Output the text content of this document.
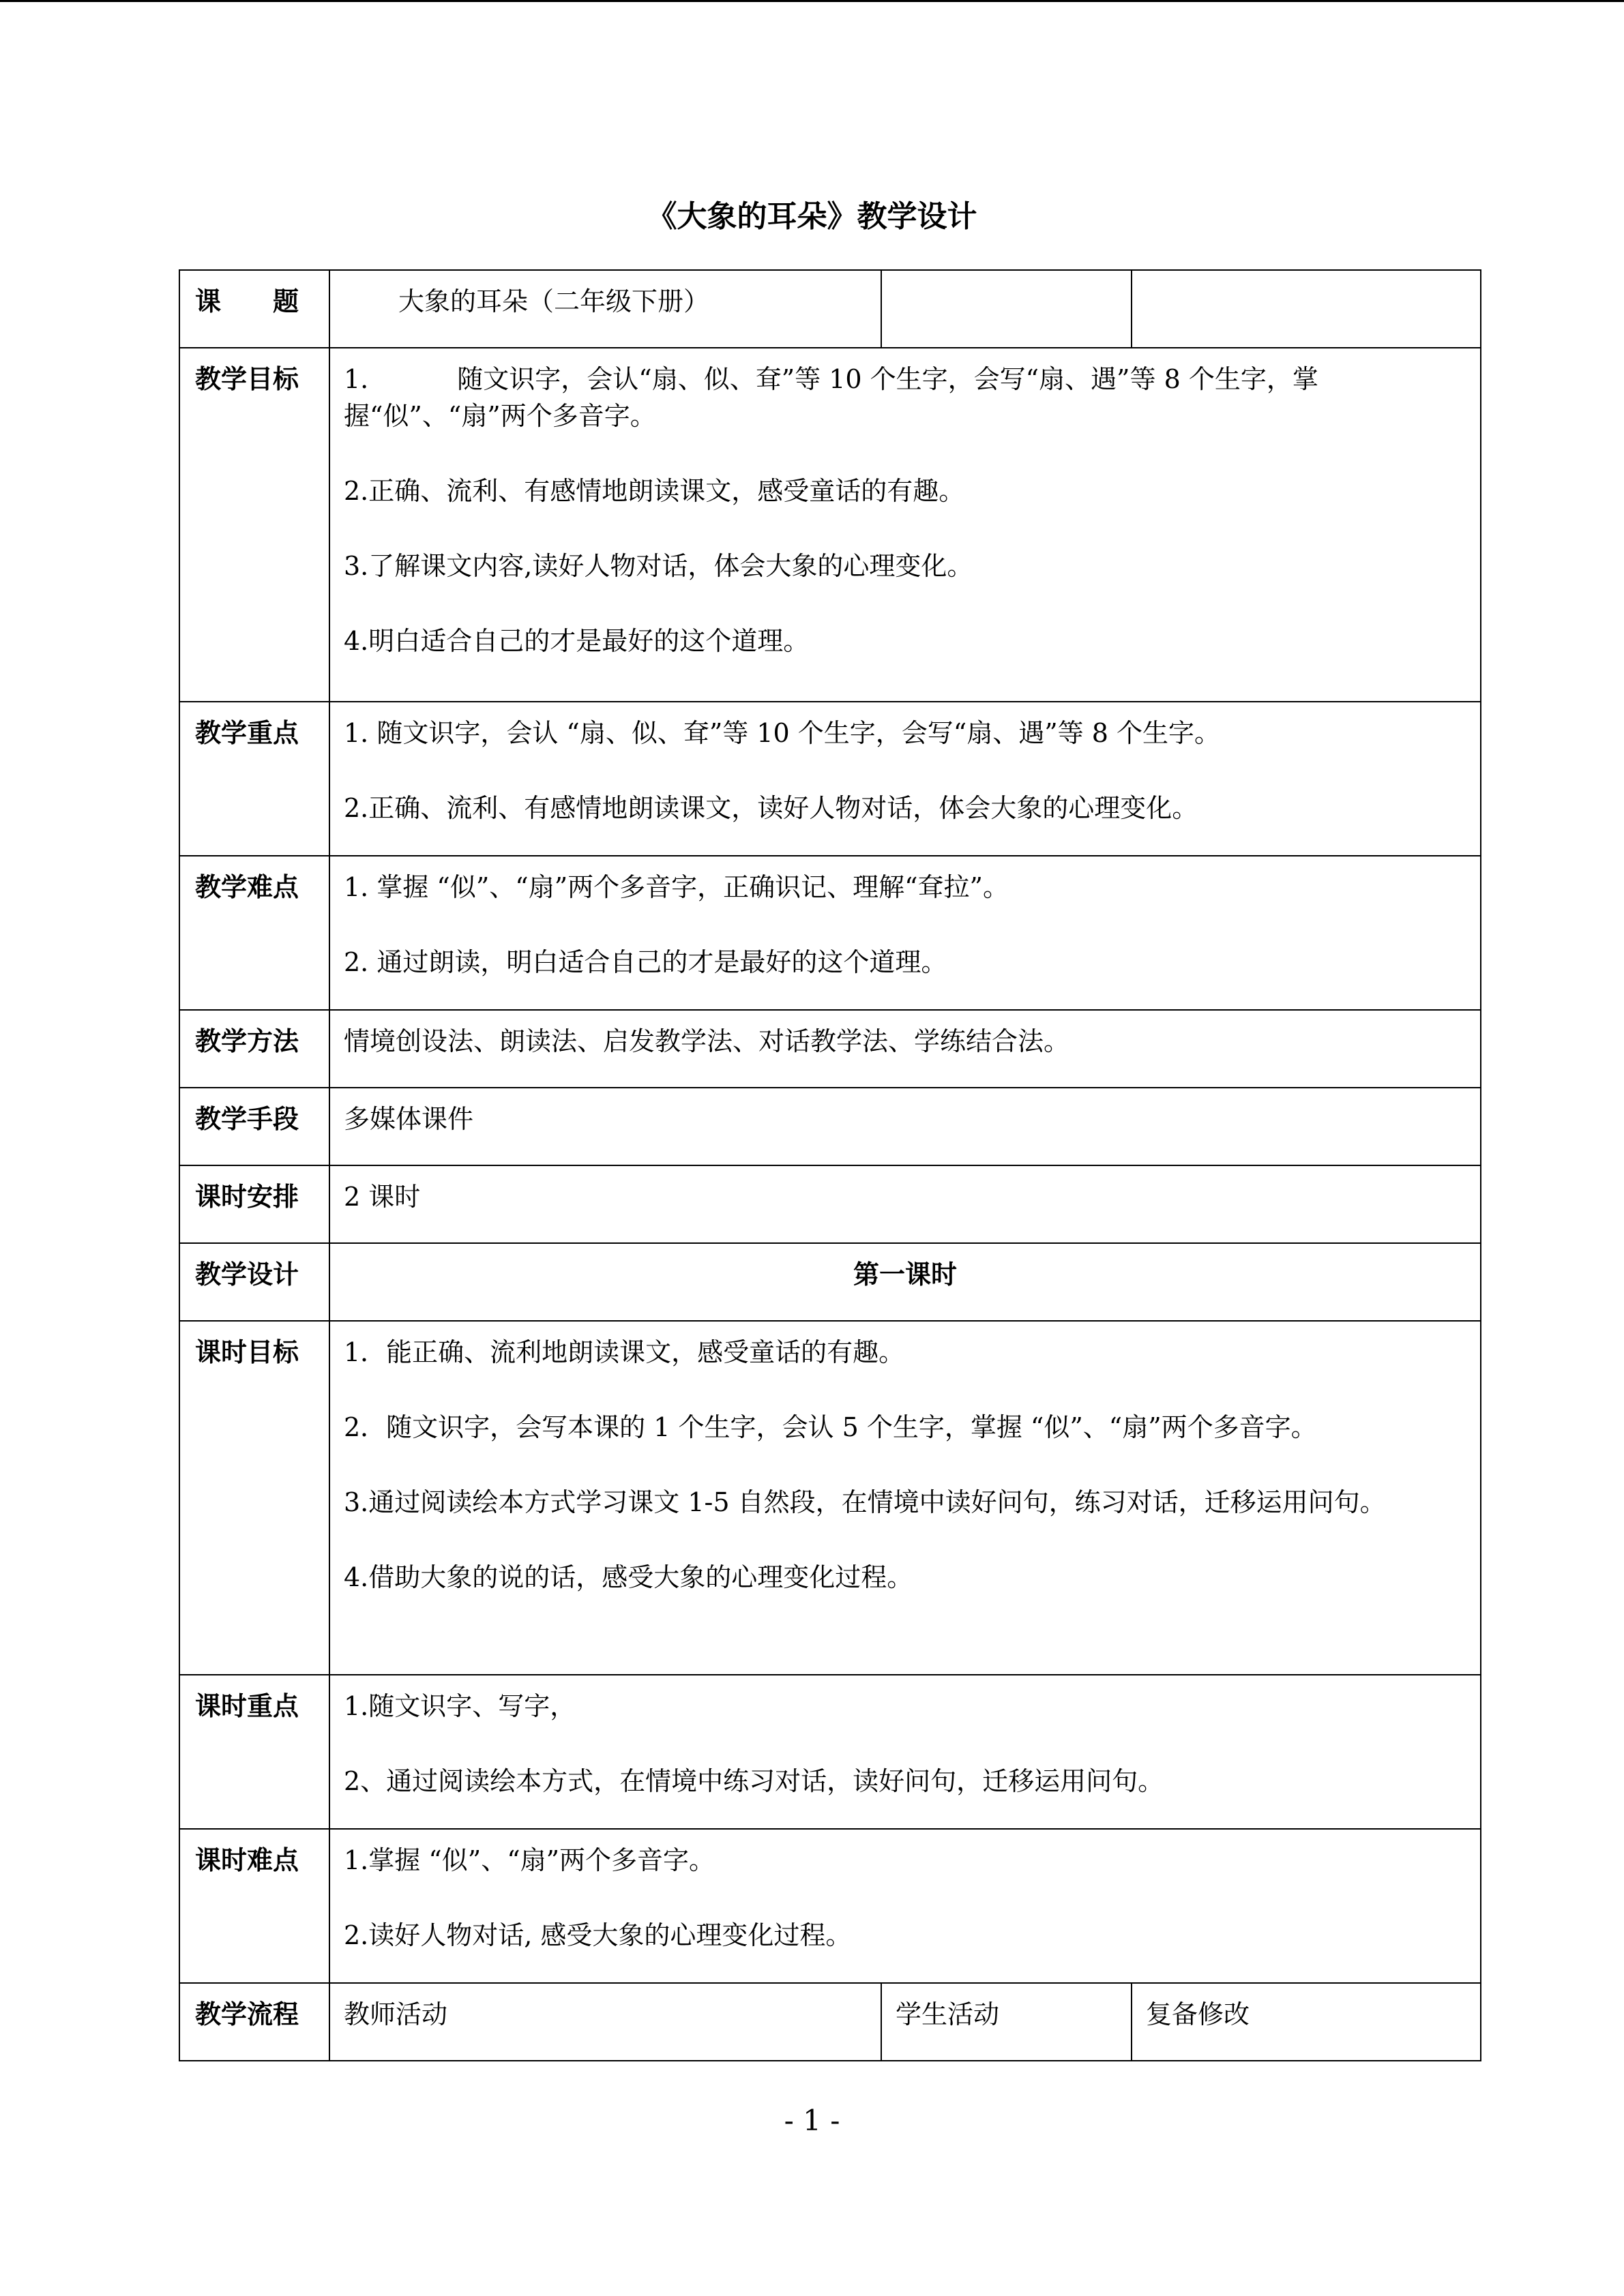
《大象的耳朵》教学设计
课　　题	大象的耳朵（二年级下册）		
教学目标	1. 随文识字，会认“扇、似、耷”等 10 个生字，会写“扇、遇”等 8 个生字，掌握“似”、“扇”两个多音字。
2.正确、流利、有感情地朗读课文，感受童话的有趣。
3.了解课文内容,读好人物对话，体会大象的心理变化。
4.明白适合自己的才是最好的这个道理。		

教学重点	1. 随文识字，会认 “扇、似、耷”等 10 个生字，会写“扇、遇”等 8 个生字。
2.正确、流利、有感情地朗读课文，读好人物对话，体会大象的心理变化。		

教学难点	1. 掌握 “似”、“扇”两个多音字，正确识记、理解“耷拉”。
2. 通过朗读，明白适合自己的才是最好的这个道理。		

教学方法	情境创设法、朗读法、启发教学法、对话教学法、学练结合法。		
教学手段	多媒体课件		
课时安排	2 课时		
教学设计	第一课时		
课时目标	1．能正确、流利地朗读课文，感受童话的有趣。
2．随文识字，会写本课的 1 个生字，会认 5 个生字，掌握 “似”、“扇”两个多音字。
3.通过阅读绘本方式学习课文 1-5 自然段，在情境中读好问句，练习对话，迁移运用问句。
4.借助大象的说的话，感受大象的心理变化过程。		

课时重点	1.随文识字、写字，
2、通过阅读绘本方式，在情境中练习对话，读好问句，迁移运用问句。		

课时难点	1.掌握 “似”、“扇”两个多音字。
2.读好人物对话, 感受大象的心理变化过程。		

教学流程	教师活动	学生活动	复备修改
- 1 -
